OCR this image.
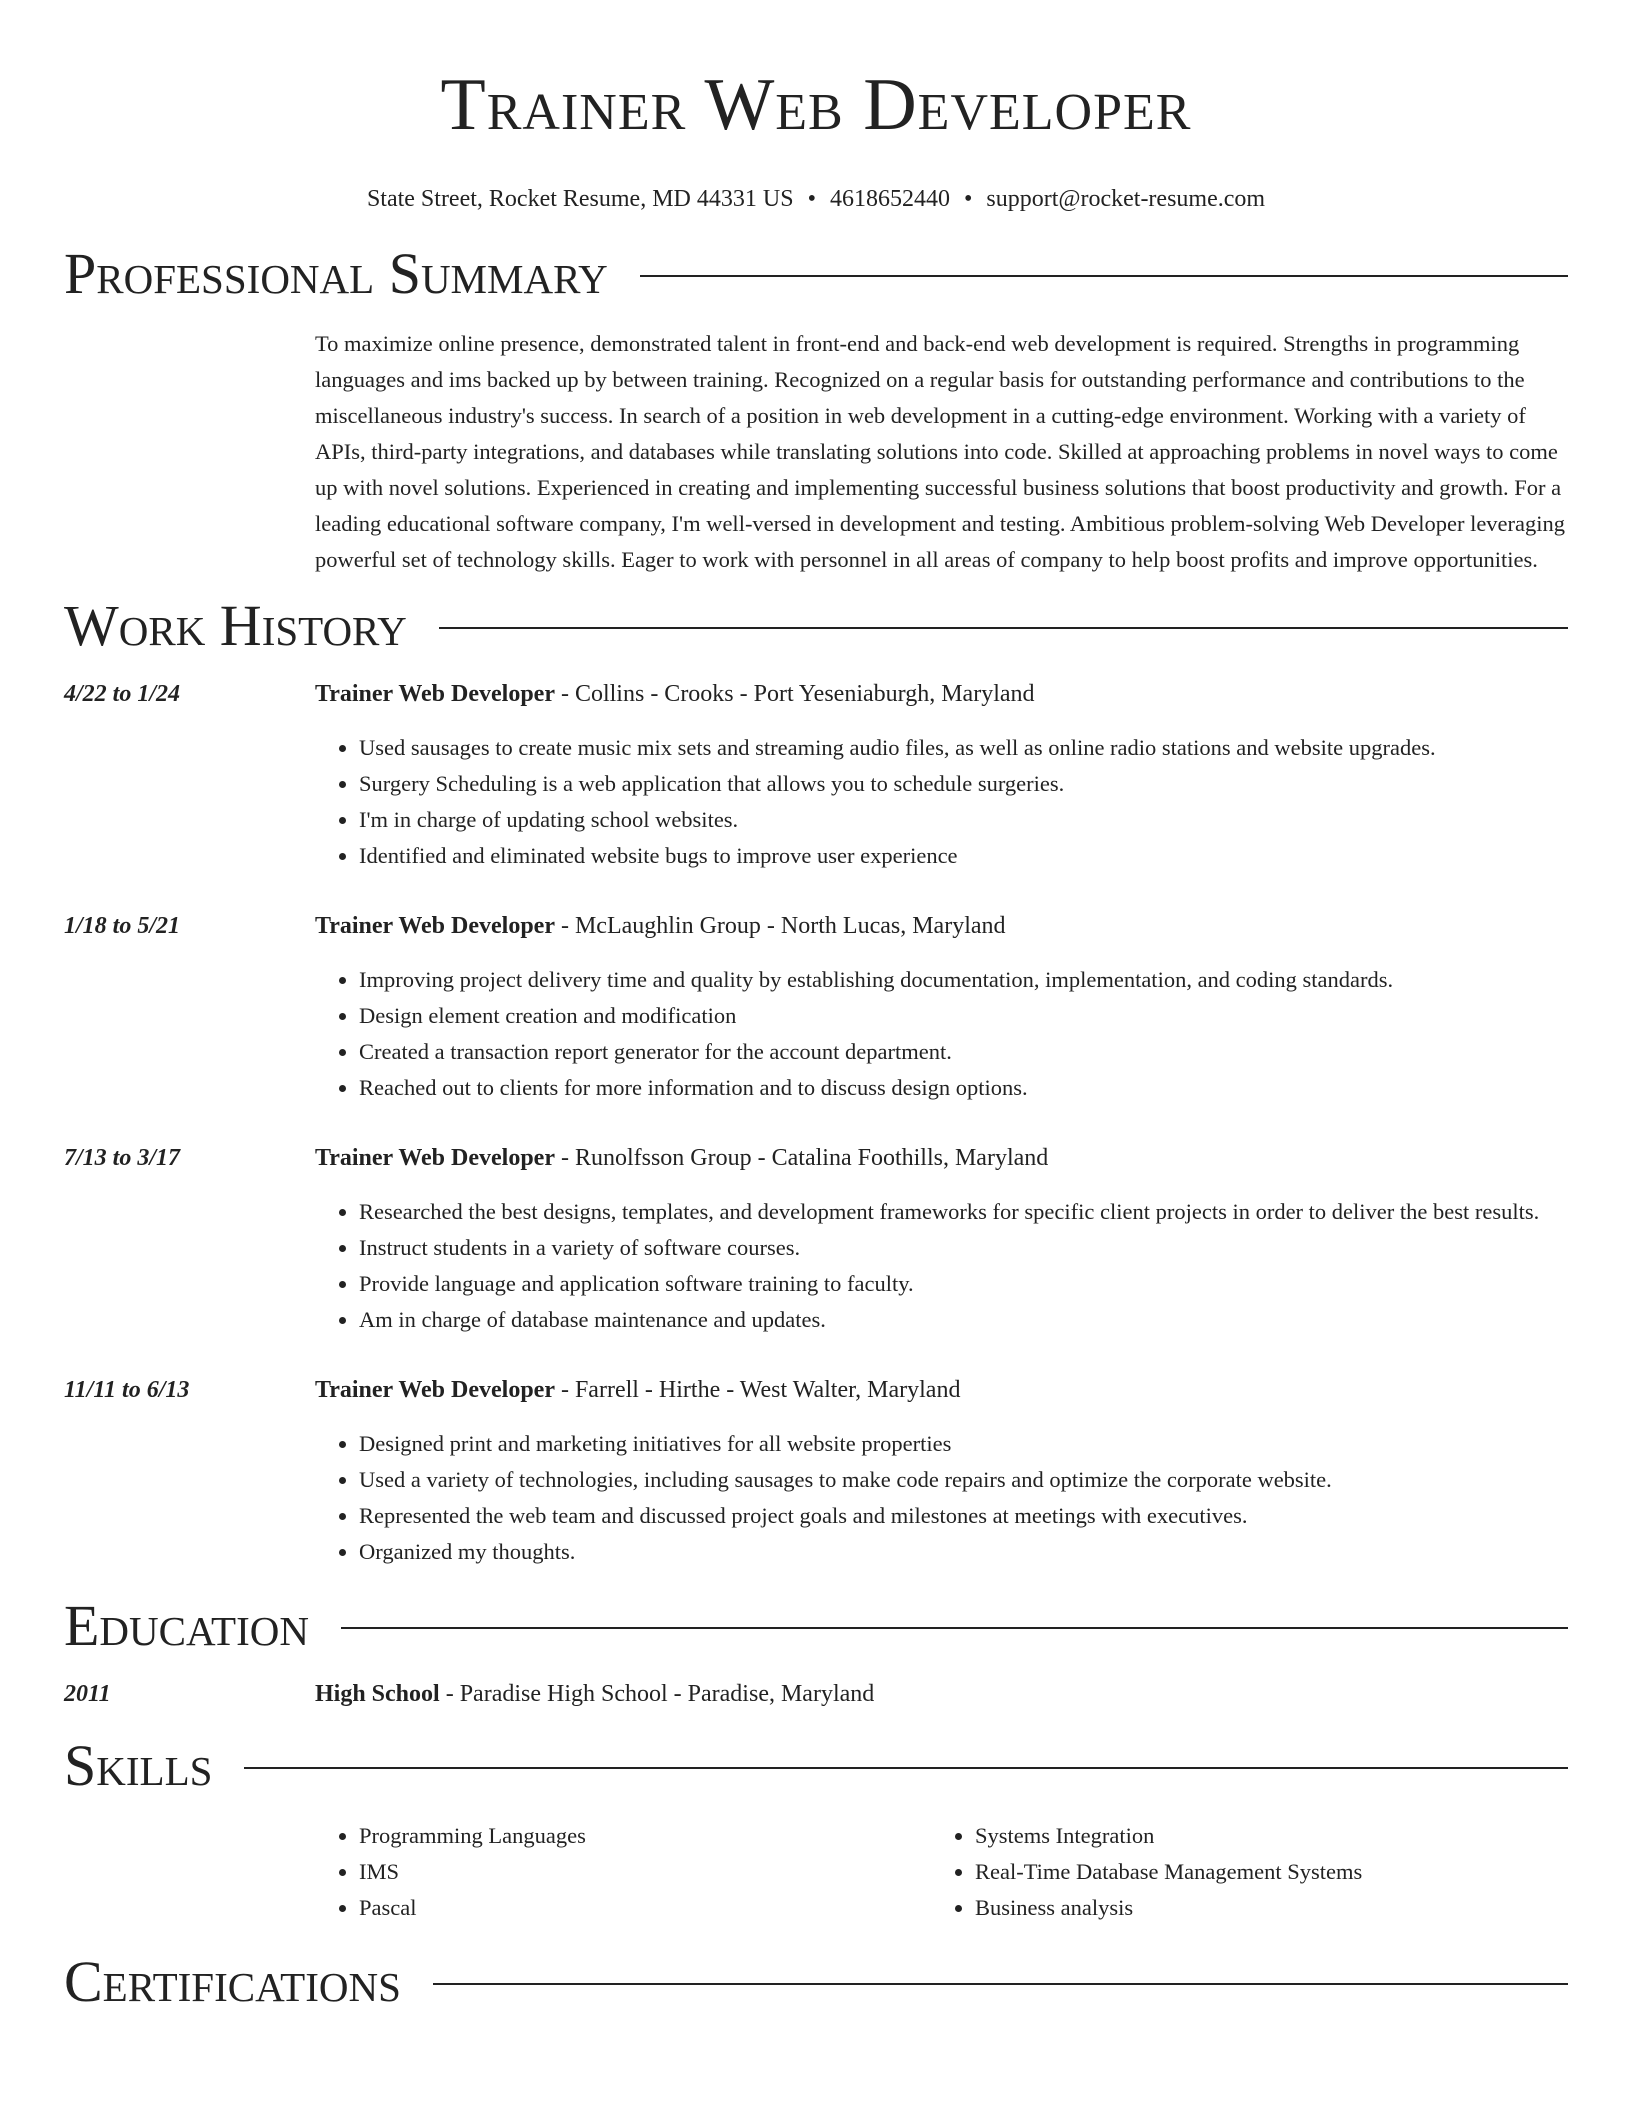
Trainer Web Developer
State Street, Rocket Resume, MD 44331 US • 4618652440 • support@rocket-resume.com
Professional Summary
To maximize online presence, demonstrated talent in front-end and back-end web development is required. Strengths in programming languages and ims backed up by between training. Recognized on a regular basis for outstanding performance and contributions to the miscellaneous industry's success. In search of a position in web development in a cutting-edge environment. Working with a variety of APIs, third-party integrations, and databases while translating solutions into code. Skilled at approaching problems in novel ways to come up with novel solutions. Experienced in creating and implementing successful business solutions that boost productivity and growth. For a leading educational software company, I'm well-versed in development and testing. Ambitious problem-solving Web Developer leveraging powerful set of technology skills. Eager to work with personnel in all areas of company to help boost profits and improve opportunities.
Work History
4/22 to 1/24	Trainer Web Developer - Collins - Crooks - Port Yeseniaburgh, Maryland
• Used sausages to create music mix sets and streaming audio files, as well as online radio stations and website upgrades.
• Surgery Scheduling is a web application that allows you to schedule surgeries.
• I'm in charge of updating school websites.
• Identified and eliminated website bugs to improve user experience
1/18 to 5/21	Trainer Web Developer - McLaughlin Group - North Lucas, Maryland
• Improving project delivery time and quality by establishing documentation, implementation, and coding standards.
• Design element creation and modification
• Created a transaction report generator for the account department.
• Reached out to clients for more information and to discuss design options.
7/13 to 3/17	Trainer Web Developer - Runolfsson Group - Catalina Foothills, Maryland
• Researched the best designs, templates, and development frameworks for specific client projects in order to deliver the best results.
• Instruct students in a variety of software courses.
• Provide language and application software training to faculty.
• Am in charge of database maintenance and updates.
11/11 to 6/13	Trainer Web Developer - Farrell - Hirthe - West Walter, Maryland
• Designed print and marketing initiatives for all website properties
• Used a variety of technologies, including sausages to make code repairs and optimize the corporate website.
• Represented the web team and discussed project goals and milestones at meetings with executives.
• Organized my thoughts.
Education
2011	High School - Paradise High School - Paradise, Maryland
Skills
• Programming Languages
• IMS
• Pascal
• Systems Integration
• Real-Time Database Management Systems
• Business analysis
Certifications
